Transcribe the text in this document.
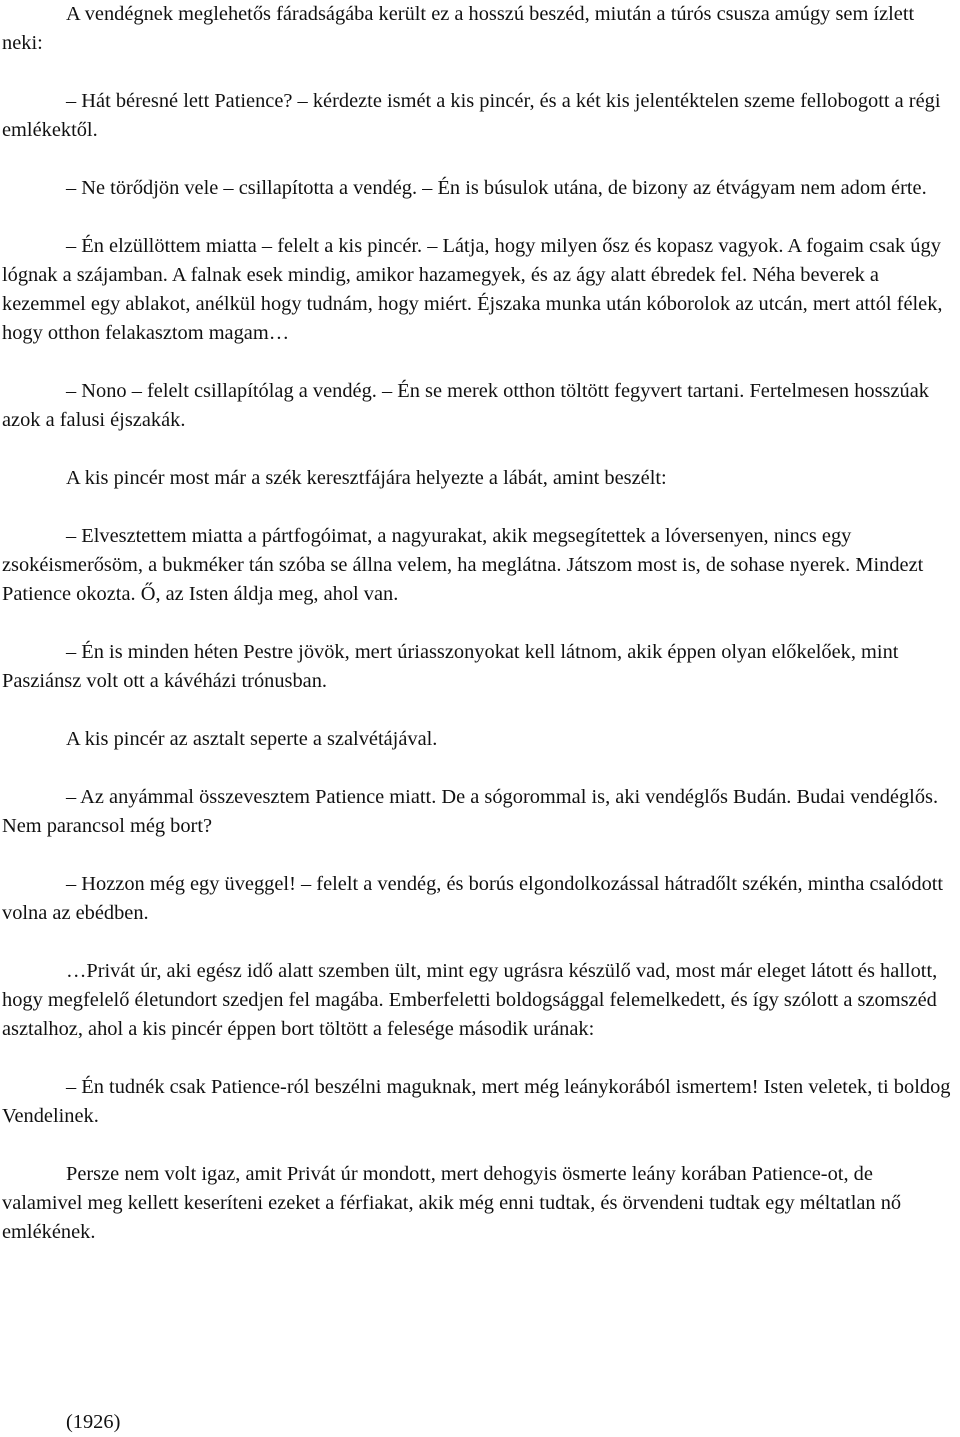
A vendégnek meglehetős fáradságába került ez a hosszú beszéd, miután a túrós csusza amúgy sem ízlett neki:

– Hát béresné lett Patience? – kérdezte ismét a kis pincér, és a két kis jelentéktelen szeme fellobogott a régi emlékektől.

– Ne törődjön vele – csillapította a vendég. – Én is búsulok utána, de bizony az étvágyam nem adom érte.

– Én elzüllöttem miatta – felelt a kis pincér. – Látja, hogy milyen ősz és kopasz vagyok. A fogaim csak úgy lógnak a szájamban. A falnak esek mindig, amikor hazamegyek, és az ágy alatt ébredek fel. Néha beverek a kezemmel egy ablakot, anélkül hogy tudnám, hogy miért. Éjszaka munka után kóborolok az utcán, mert attól félek, hogy otthon felakasztom magam…

– Nono – felelt csillapítólag a vendég. – Én se merek otthon töltött fegyvert tartani. Fertelmesen hosszúak azok a falusi éjszakák.

A kis pincér most már a szék keresztfájára helyezte a lábát, amint beszélt:

– Elvesztettem miatta a pártfogóimat, a nagyurakat, akik megsegítettek a lóversenyen, nincs egy zsokéismerősöm, a bukméker tán szóba se állna velem, ha meglátna. Játszom most is, de sohase nyerek. Mindezt Patience okozta. Ő, az Isten áldja meg, ahol van.

– Én is minden héten Pestre jövök, mert úriasszonyokat kell látnom, akik éppen olyan előkelőek, mint Pasziánsz volt ott a kávéházi trónusban.

A kis pincér az asztalt seperte a szalvétájával.

– Az anyámmal összevesztem Patience miatt. De a sógorommal is, aki vendéglős Budán. Budai vendéglős. Nem parancsol még bort?

– Hozzon még egy üveggel! – felelt a vendég, és borús elgondolkozással hátradőlt székén, mintha csalódott volna az ebédben.

…Privát úr, aki egész idő alatt szemben ült, mint egy ugrásra készülő vad, most már eleget látott és hallott, hogy megfelelő életundort szedjen fel magába. Emberfeletti boldogsággal felemelkedett, és így szólott a szomszéd asztalhoz, ahol a kis pincér éppen bort töltött a felesége második urának:

– Én tudnék csak Patience-ról beszélni maguknak, mert még leánykorából ismertem! Isten veletek, ti boldog Vendelinek.

Persze nem volt igaz, amit Privát úr mondott, mert dehogyis ösmerte leány korában Patience-ot, de valamivel meg kellett keseríteni ezeket a férfiakat, akik még enni tudtak, és örvendeni tudtak egy méltatlan nő emlékének.

(1926)
